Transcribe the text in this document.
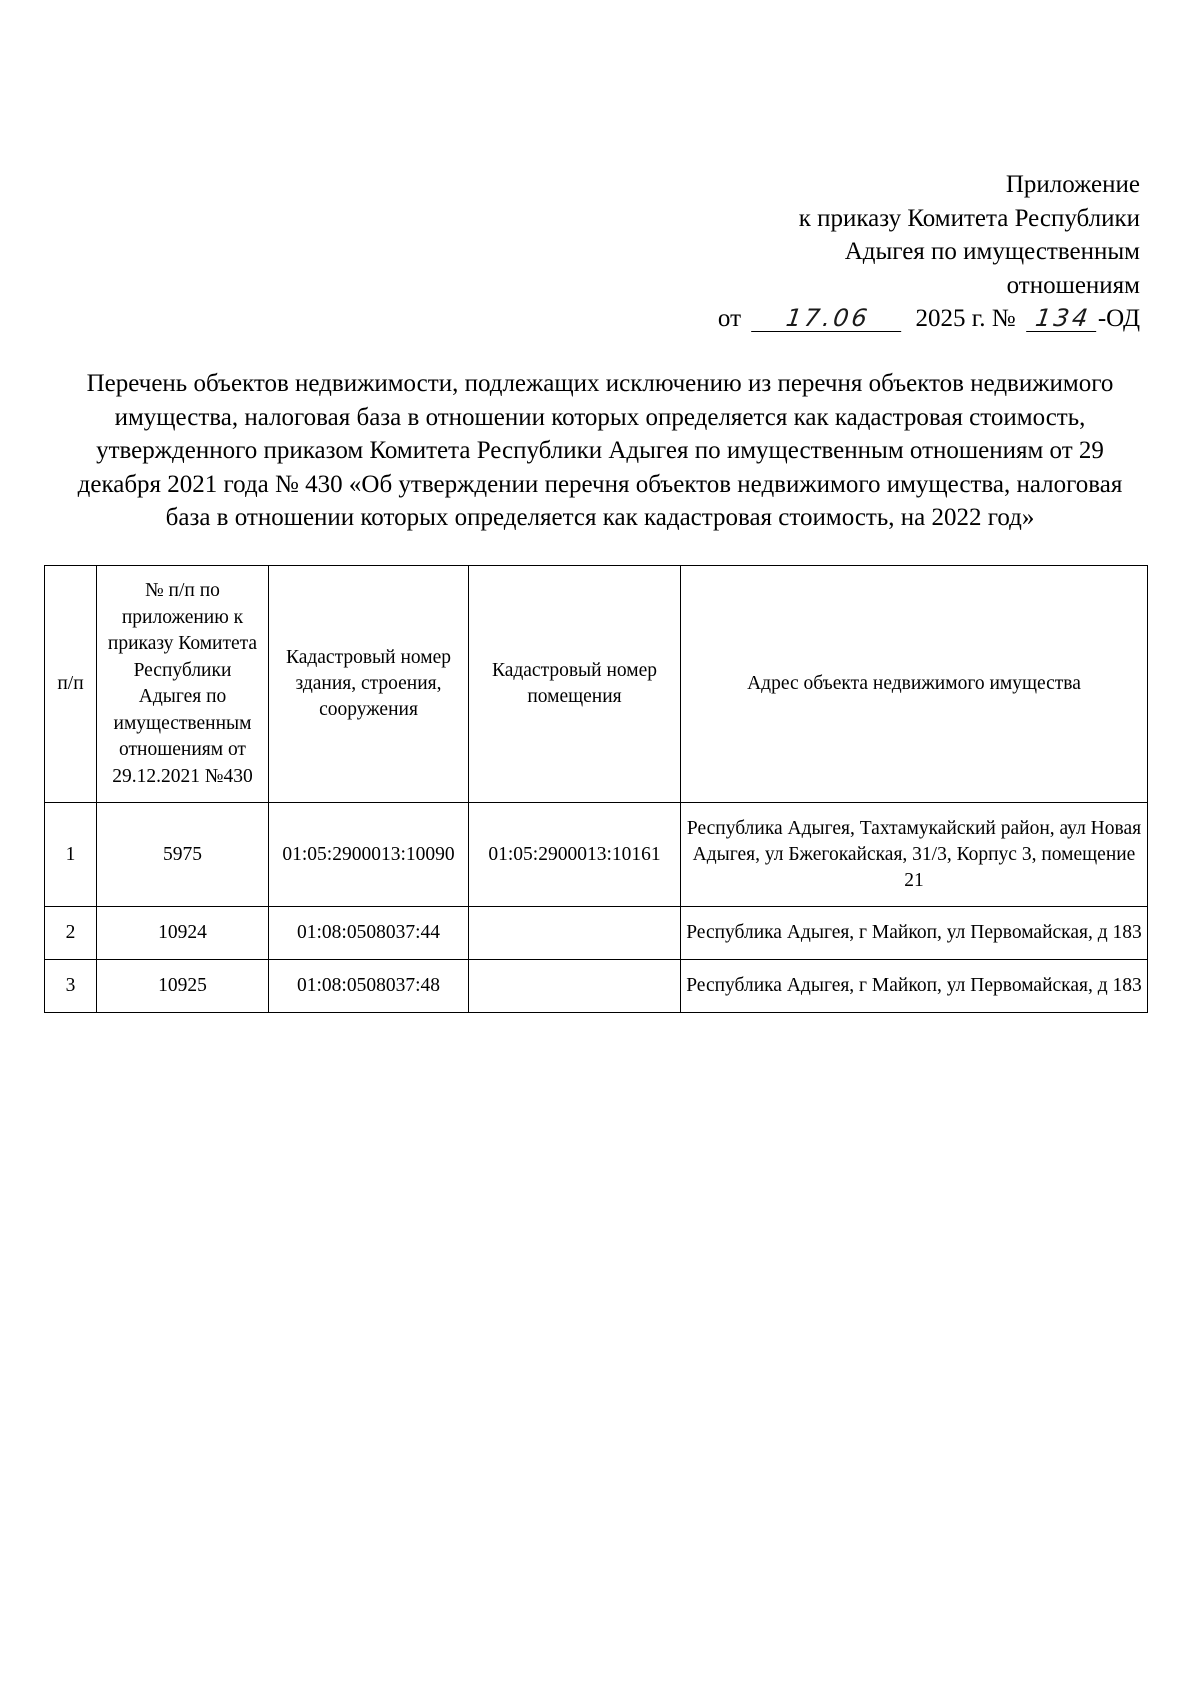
Приложение
к приказу Комитета Республики
Адыгея по имущественным
отношениям
от 17.06 2025 г. № 134 -ОД
Перечень объектов недвижимости, подлежащих исключению из перечня объектов недвижимого имущества, налоговая база в отношении которых определяется как кадастровая стоимость, утвержденного приказом Комитета Республики Адыгея по имущественным отношениям от 29 декабря 2021 года № 430 «Об утверждении перечня объектов недвижимого имущества, налоговая база в отношении которых определяется как кадастровая стоимость, на 2022 год»
п/п	№ п/п по приложению к приказу Комитета Республики Адыгея по имущественным отношениям от 29.12.2021 №430	Кадастровый номер здания, строения, сооружения	Кадастровый номер помещения	Адрес объекта недвижимого имущества
1	5975	01:05:2900013:10090	01:05:2900013:10161	Республика Адыгея, Тахтамукайский район, аул Новая Адыгея, ул Бжегокайская, 31/3, Корпус 3, помещение 21
2	10924	01:08:0508037:44		Республика Адыгея, г Майкоп, ул Первомайская, д 183
3	10925	01:08:0508037:48		Республика Адыгея, г Майкоп, ул Первомайская, д 183
